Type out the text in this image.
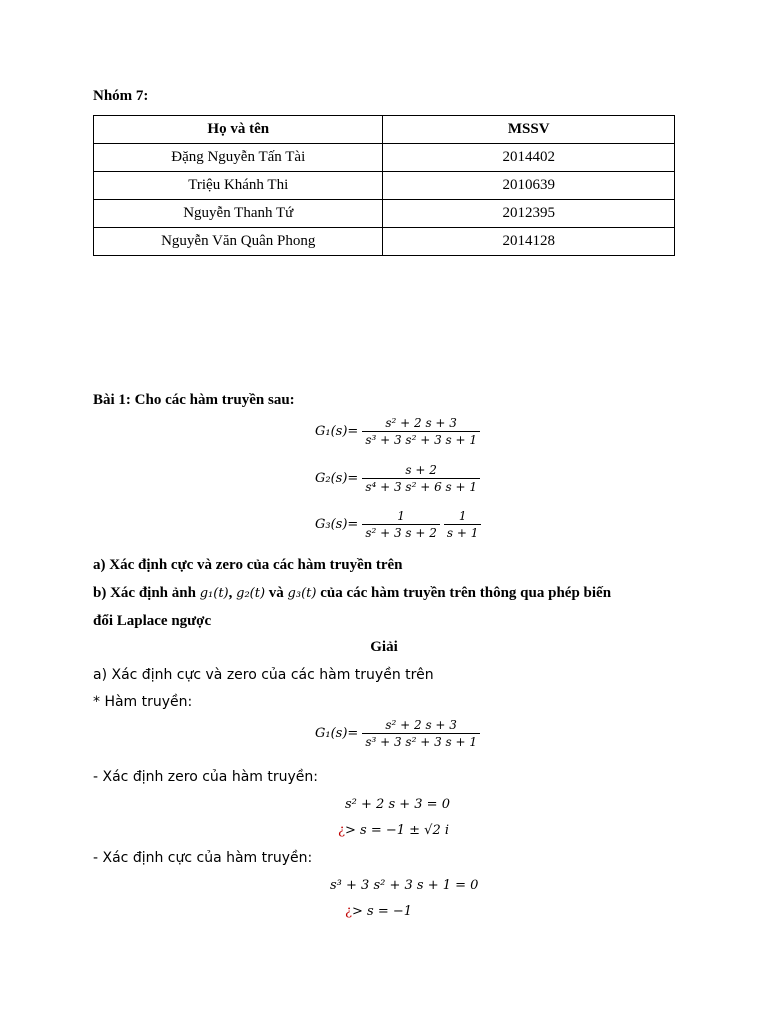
Nhóm 7:
Họ và tên	MSSV
Đặng Nguyễn Tấn Tài	2014402
Triệu Khánh Thi	2010639
Nguyễn Thanh Tứ	2012395
Nguyễn Văn Quân Phong	2014128
Bài 1: Cho các hàm truyền sau:
$G_1(s)= \frac{\text{s² + 2 s + 3}}{\text{s³ + 3 s² + 3 s + 1}}$
$G_2(s)= \frac{s + 2}{\text{s⁴ + 3 s² + 6 s + 1}}$
$G_3(s)= \frac{1}{\text{s² + 3 s + 2}} \frac{1}{s + 1}$
a) Xác định cực và zero của các hàm truyền trên
b) Xác định ảnh g₁(t), g₂(t) và g₃(t) của các hàm truyền trên thông qua phép biến
đổi Laplace ngược
Giải
a) Xác định cực và zero của các hàm truyền trên
* Hàm truyền:
$G_1(s)= \frac{\text{s² + 2 s + 3}}{\text{s³ + 3 s² + 3 s + 1}}$
- Xác định zero của hàm truyền:
s² + 2 s + 3 = 0
¿> s = −1 ± √2 i
- Xác định cực của hàm truyền:
s³ + 3 s² + 3 s + 1 = 0
¿> s = −1
